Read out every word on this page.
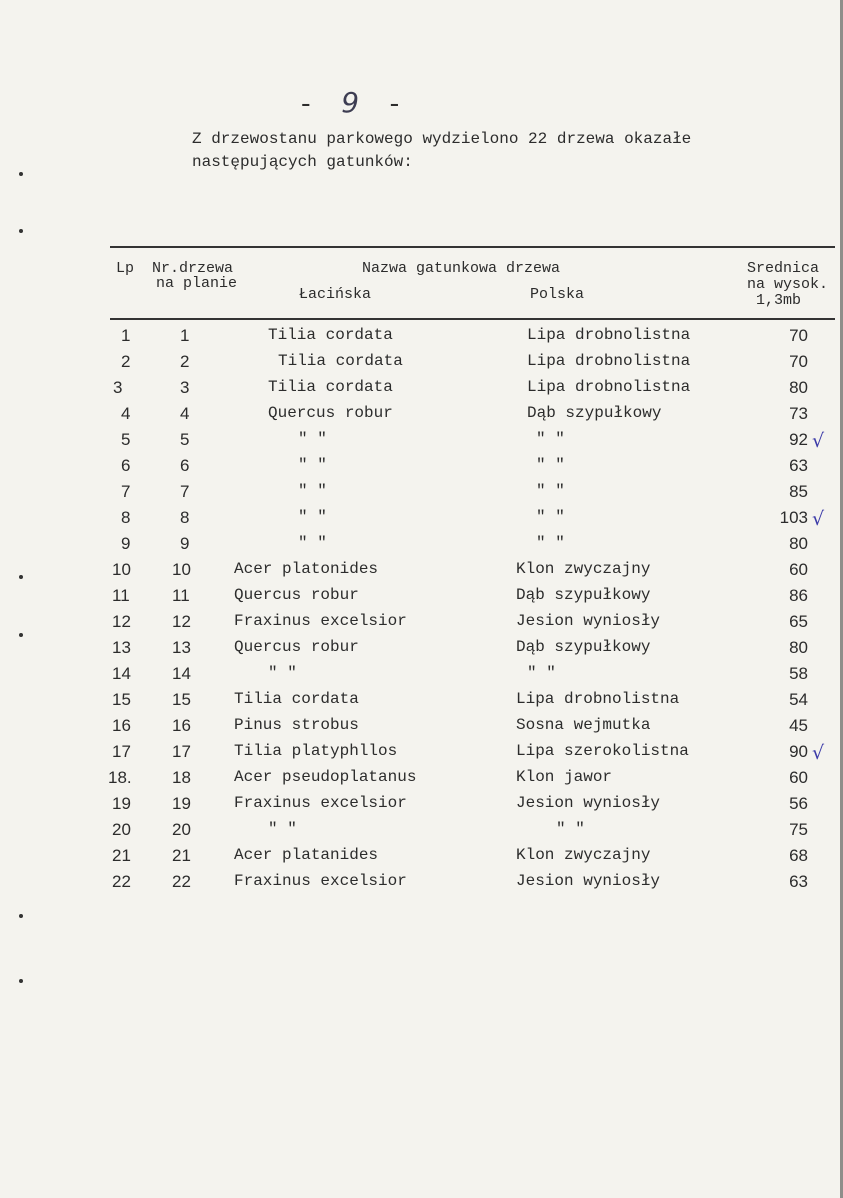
- 9 -
Z drzewostanu parkowego wydzielono 22 drzewa okazałe
następujących gatunków:
Lp Nr.drzewa
na planie
Nazwa gatunkowa drzewa
Łacińska	Polska
Srednica
na wysok.
1,3mb
1	1	Tilia cordata	Lipa drobnolistna	70
2	2	Tilia cordata	Lipa drobnolistna	70
3	3	Tilia cordata	Lipa drobnolistna	80
4	4	Quercus robur	Dąb szypułkowy	73
5	5	" "	" "	92 √
6	6	" "	" "	63
7	7	" "	" "	85
8	8	" "	" "	103 √
9	9	" "	" "	80
10 10	Acer platonides	Klon zwyczajny	60
11 11	Quercus robur	Dąb szypułkowy	86
12 12	Fraxinus excelsior	Jesion wyniosły	65
13 13	Quercus robur	Dąb szypułkowy	80
14 14	" "	" "	58
15 15	Tilia cordata	Lipa drobnolistna	54
16 16	Pinus strobus	Sosna wejmutka	45
17 17	Tilia platyphllos	Lipa szerokolistna	90 √
18. 18	Acer pseudoplatanus	Klon jawor	60
19 19	Fraxinus excelsior	Jesion wyniosły	56
20 20	" "	" "	75
21 21	Acer platanides	Klon zwyczajny	68
22 22	Fraxinus excelsior	Jesion wyniosły	63
